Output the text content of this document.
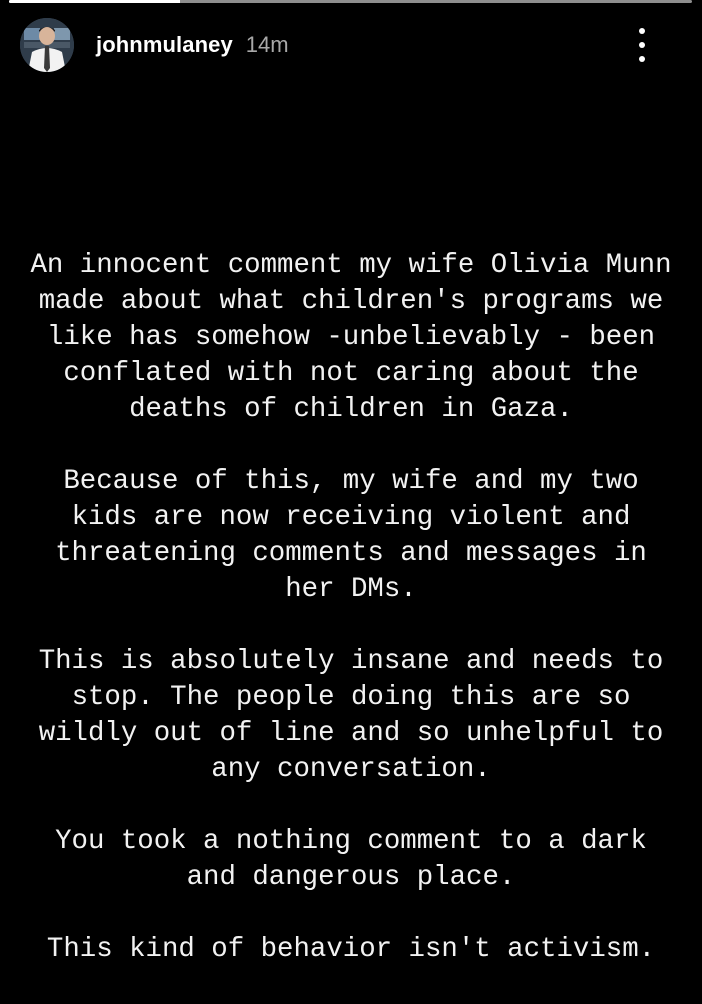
johnmulaney 14m

An innocent comment my wife Olivia Munn
made about what children's programs we
like has somehow -unbelievably - been
conflated with not caring about the
deaths of children in Gaza.

Because of this, my wife and my two
kids are now receiving violent and
threatening comments and messages in
her DMs.

This is absolutely insane and needs to
stop. The people doing this are so
wildly out of line and so unhelpful to
any conversation.

You took a nothing comment to a dark
and dangerous place.

This kind of behavior isn't activism.
